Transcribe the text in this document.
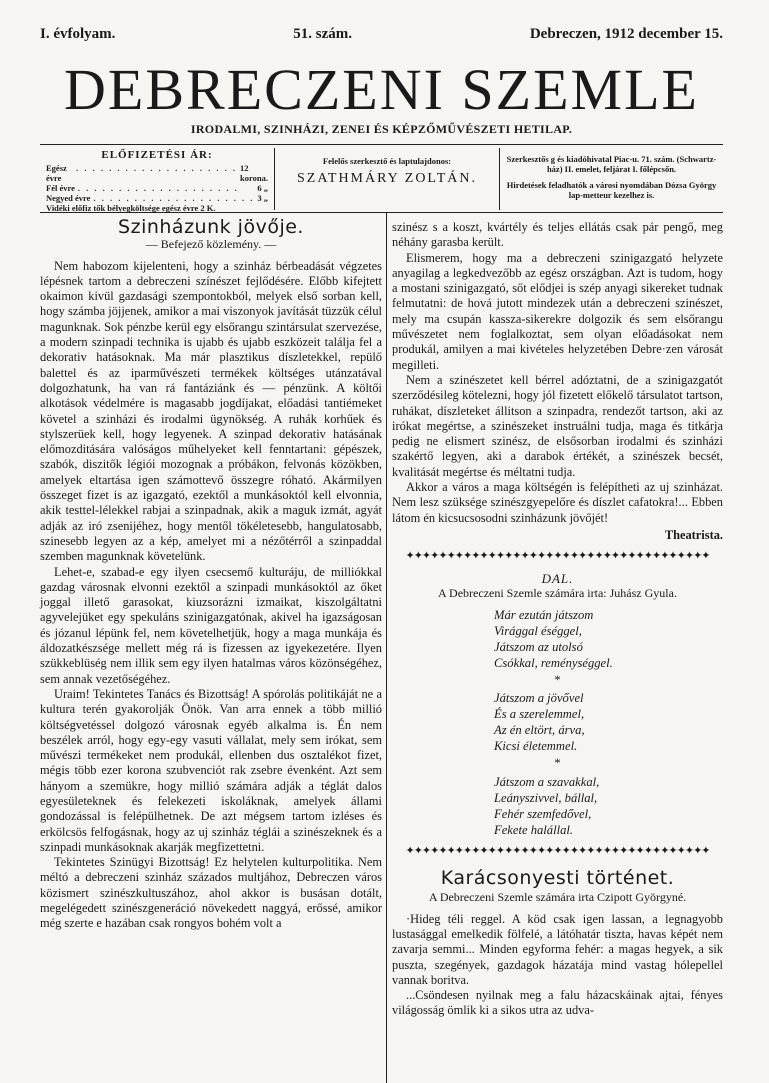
I. évfolyam.	51. szám.	Debreczen, 1912 december 15.
DEBRECZENI SZEMLE
IRODALMI, SZINHÁZI, ZENEI ÉS KÉPZŐMŰVÉSZETI HETILAP.
ELŐFIZETÉSI ÁR:
Egész évre
. . . . . . . . . . . . . . . . . . . . 12 korona.
Fél évre . . . . . . . . . . . . . . . . . . . .	6 „
Negyed évre . . . . . . . . . . . . . . . . . . . . 3 „
Vidéki előfiz tők bélyegköltsége egész évre 2 K.
Felelős szerkesztő és laptulajdonos:
SZATHMÁRY ZOLTÁN.
Szerkesztős g és kiadóhivatal Piac-u. 71. szám. (Schwartz-ház) II. emelet, feljárat I. főlépcsőn.
Hirdetések feladhatók a városi nyomdában Dózsa György lap-metteur kezelhez is.
Szinházunk jövője.
— Befejező közlemény. —

Nem habozom kijelenteni, hogy a szinház bérbeadását végzetes lépésnek tartom a debreczeni színészet fejlődésére. Előbb kifejtett okaimon kivül gazdasági szempontokból, melyek első sorban kell, hogy számba jöjjenek, amikor a mai viszonyok javítását tüzzük célul magunknak. Sok pénzbe kerül egy elsőrangu szintársulat szervezése, a modern szinpadi technika is ujabb és ujabb eszközeit találja fel a dekorativ hatásoknak. Ma már plasztikus díszletekkel, repülő balettel és az iparművészeti termékek költséges utánzatával dolgozhatunk, ha van rá fantáziánk és — pénzünk. A költői alkotások védelmére is magasabb jogdíjakat, előadási tantiémeket követel a szinházi és irodalmi ügynökség. A ruhák korhűek és stylszerüek kell, hogy legyenek. A szinpad dekorativ hatásának előmozditására valóságos műhelyeket kell fenntartani: gépészek, szabók, diszitők légiói mozognak a próbákon, felvonás közökben, amelyek eltartása igen számottevő összegre róható. Akármilyen összeget fizet is az igazgató, ezektől a munkásoktól kell elvonnia, akik testtel-lélekkel rabjai a szinpadnak, akik a maguk izmát, agyát adják az iró zsenijéhez, hogy mentől tökéletesebb, hangulatosabb, szinesebb legyen az a kép, amelyet mi a nézőtérről a szinpaddal szemben magunknak követelünk.

Lehet-e, szabad-e egy ilyen csecsemő kulturáju, de milliókkal gazdag városnak elvonni ezektől a szinpadi munkásoktól az őket joggal illető garasokat, kiuzsorázni izmaikat, kiszolgáltatni agyvelejüket egy spekuláns szinigazgatónak, akivel ha igazságosan és józanul lépünk fel, nem követelhetjük, hogy a maga munkája és áldozatkészsége mellett még rá is fizessen az igyekezetére. Ilyen szükkeblüség nem illik sem egy ilyen hatalmas város közönségéhez, sem annak vezetőségéhez.

Uraim! Tekintetes Tanács és Bizottság! A spórolás politikáját ne a kultura terén gyakorolják Önök. Van arra ennek a több millió költségvetéssel dolgozó városnak egyéb alkalma is. Én nem beszélek arról, hogy egy-egy vasuti vállalat, mely sem irókat, sem művészi termékeket nem produkál, ellenben dus osztalékot fizet, mégis több ezer korona szubvenciót rak zsebre évenként. Azt sem hányom a szemükre, hogy millió számára adják a téglát dalos egyesületeknek és felekezeti iskoláknak, amelyek állami gondozással is felépülhetnek. De azt mégsem tartom izléses és erkölcsös felfogásnak, hogy az uj szinház téglái a szinészeknek és a szinpadi munkásoknak akarják megfizettetni.

Tekintetes Szinügyi Bizottság! Ez helytelen kulturpolitika. Nem méltó a debreczeni szinház százados multjához, Debreczen város közismert szinészkultuszához, ahol akkor is busásan dotált, megelégedett szinészgeneráció növekedett naggyá, erőssé, amikor még szerte e hazában csak rongyos bohém volt a

szinész s a koszt, kvártély és teljes ellátás csak pár pengő, meg néhány garasba került.

Elismerem, hogy ma a debreczeni szinigazgató helyzete anyagilag a legkedvezőbb az egész országban. Azt is tudom, hogy a mostani szinigazgató, sőt elődjei is szép anyagi sikereket tudnak felmutatni: de hová jutott mindezek után a debreczeni szinészet, mely ma csupán kassza-sikerekre dolgozik és sem elsőrangu művészetet nem foglalkoztat, sem olyan előadásokat nem produkál, amilyen a mai kivételes helyzetében Debre·zen városát megilleti.

Nem a szinészetet kell bérrel adóztatni, de a szinigazgatót szerződésileg kötelezni, hogy jól fizetett előkelő társulatot tartson, ruhákat, díszleteket állitson a szinpadra, rendezőt tartson, aki az irókat megértse, a szinészeket instruálni tudja, maga és titkárja pedig ne elismert szinész, de elsősorban irodalmi és szinházi szakértő legyen, aki a darabok értékét, a szinészek becsét, kvalitását megértse és méltatni tudja.

Akkor a város a maga költségén is felépítheti az uj szinházat. Nem lesz szüksége szinészgyepelőre és díszlet cafatokra!... Ebben látom én kicsucsosodni szinházunk jövőjét!

Theatrista.
✦✦✦✦✦✦✦✦✦✦✦✦✦✦✦✦✦✦✦✦✦✦✦✦✦✦✦✦✦✦✦✦✦✦✦✦✦
DAL.
A Debreczeni Szemle számára irta: Juhász Gyula.
Már ezután játszom
Virággal éséggel,
Játszom az utolsó
Csókkal, reménységgel.
*
Játszom a jövővel
És a szerelemmel,
Az én eltört, árva,
Kicsi életemmel.
*
Játszom a szavakkal,
Leányszivvel, bállal,
Fehér szemfedővel,
Fekete halállal.
✦✦✦✦✦✦✦✦✦✦✦✦✦✦✦✦✦✦✦✦✦✦✦✦✦✦✦✦✦✦✦✦✦✦✦✦✦
Karácsonyesti történet.
A Debreczeni Szemle számára irta Czipott Györgyné.

·Hideg téli reggel. A köd csak igen lassan, a legnagyobb lustasággal emelkedik fölfelé, a látóhatár tiszta, havas képét nem zavarja semmi... Minden egyforma fehér: a magas hegyek, a sik puszta, szegények, gazdagok házatája mind vastag hólepellel vannak boritva.

...Csöndesen nyilnak meg a falu házacskáinak ajtai, fényes világosság ömlik ki a sikos utra az udva-
